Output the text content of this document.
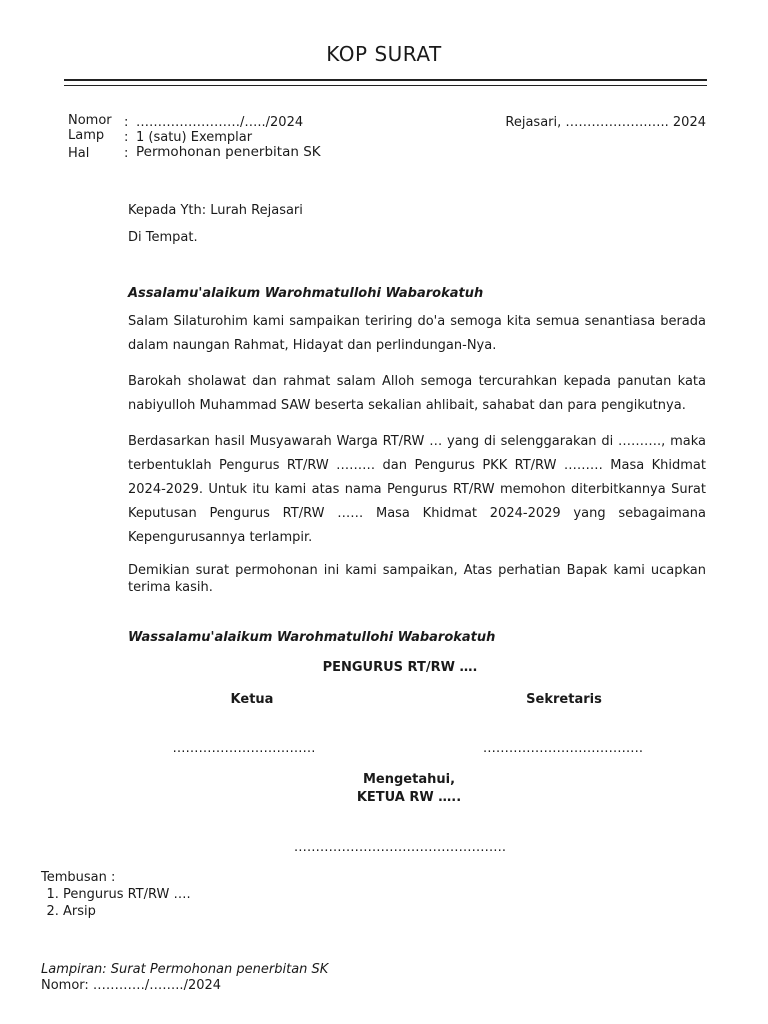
KOP SURAT
Nomor : ……………………/…../2024
Lamp : 1 (satu) Exemplar
Hal	: Permohonan penerbitan SK
Rejasari, ……………….….. 2024
Kepada Yth: Lurah Rejasari
Di Tempat.
Assalamu'alaikum Warohmatullohi Wabarokatuh
Salam Silaturohim kami sampaikan teriring do'a semoga kita semua senantiasa berada dalam naungan Rahmat, Hidayat dan perlindungan-Nya.
Barokah sholawat dan rahmat salam Alloh semoga tercurahkan kepada panutan kata nabiyulloh Muhammad SAW beserta sekalian ahlibait, sahabat dan para pengikutnya.
Berdasarkan hasil Musyawarah Warga RT/RW … yang di selenggarakan di ………., maka terbentuklah Pengurus RT/RW ……… dan Pengurus PKK RT/RW ……… Masa Khidmat 2024-2029. Untuk itu kami atas nama Pengurus RT/RW memohon diterbitkannya Surat Keputusan Pengurus RT/RW …… Masa Khidmat 2024-2029 yang sebagaimana Kepengurusannya terlampir.
Demikian surat permohonan ini kami sampaikan, Atas perhatian Bapak kami ucapkan terima kasih.
Wassalamu'alaikum Warohmatullohi Wabarokatuh
PENGURUS RT/RW ….
Ketua	Sekretaris
……………………………	……………………………….
Mengetahui,
KETUA RW …..
………………………………………….
Tembusan :
1. Pengurus RT/RW ….
2. Arsip
Lampiran: Surat Permohonan penerbitan SK
Nomor: …………/……../2024
